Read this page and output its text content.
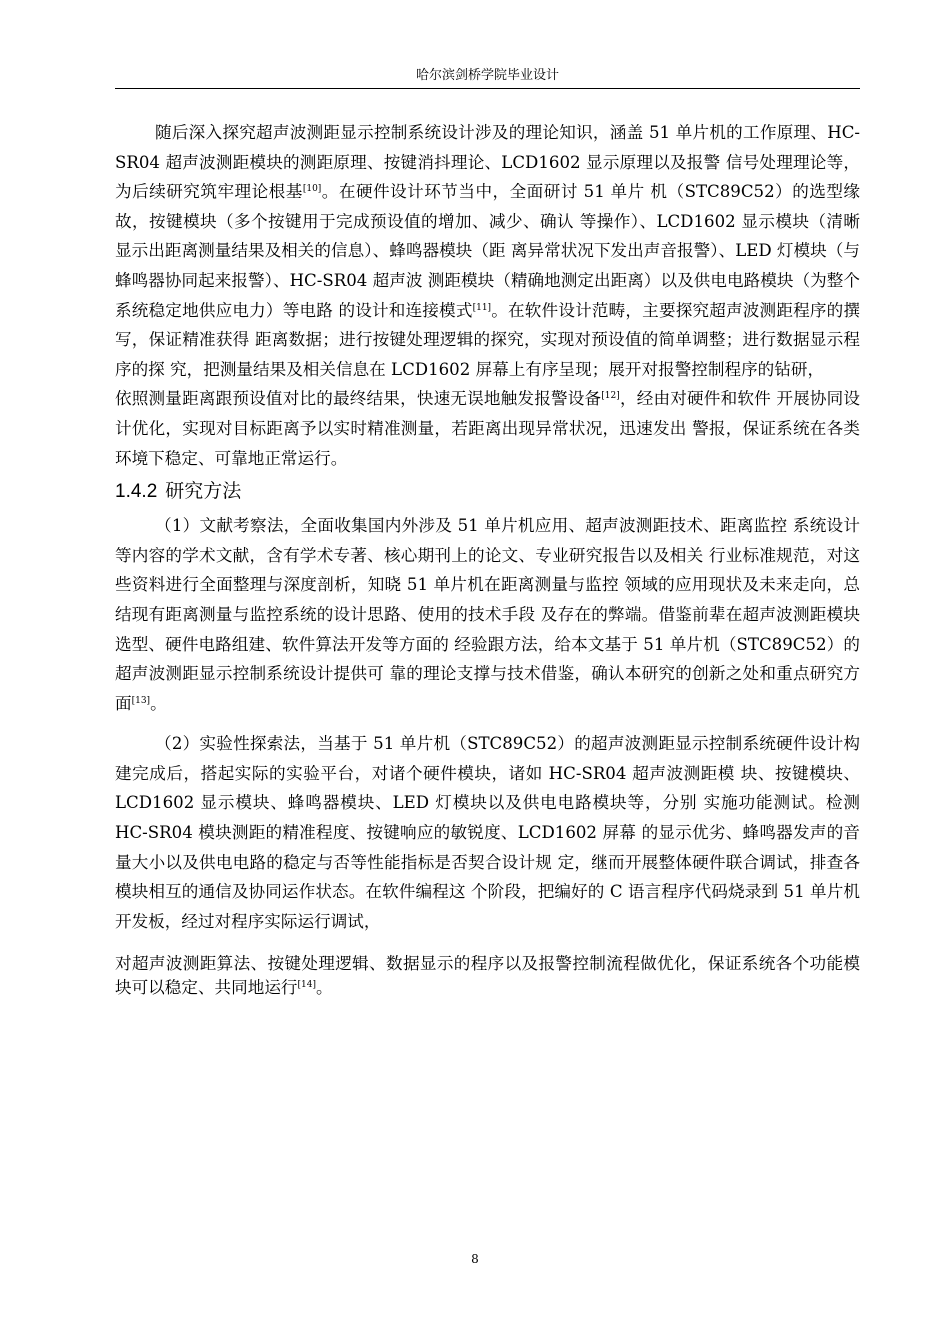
哈尔滨剑桥学院毕业设计

随后深入探究超声波测距显示控制系统设计涉及的理论知识，涵盖 51 单片机的工作原理、HC-SR04 超声波测距模块的测距原理、按键消抖理论、LCD1602 显示原理以及报警 信号处理理论等，为后续研究筑牢理论根基[10]。在硬件设计环节当中，全面研讨 51 单片 机（STC89C52）的选型缘故，按键模块（多个按键用于完成预设值的增加、减少、确认 等操作）、LCD1602 显示模块（清晰显示出距离测量结果及相关的信息）、蜂鸣器模块（距 离异常状况下发出声音报警）、LED 灯模块（与蜂鸣器协同起来报警）、HC-SR04 超声波 测距模块（精确地测定出距离）以及供电电路模块（为整个系统稳定地供应电力）等电路 的设计和连接模式[11]。在软件设计范畴，主要探究超声波测距程序的撰写，保证精准获得 距离数据；进行按键处理逻辑的探究，实现对预设值的简单调整；进行数据显示程序的探 究，把测量结果及相关信息在 LCD1602 屏幕上有序呈现；展开对报警控制程序的钻研，

依照测量距离跟预设值对比的最终结果，快速无误地触发报警设备[12]，经由对硬件和软件 开展协同设计优化，实现对目标距离予以实时精准测量，若距离出现异常状况，迅速发出 警报，保证系统在各类环境下稳定、可靠地正常运行。

1.4.2 研究方法

（1）文献考察法，全面收集国内外涉及 51 单片机应用、超声波测距技术、距离监控 系统设计等内容的学术文献，含有学术专著、核心期刊上的论文、专业研究报告以及相关 行业标准规范，对这些资料进行全面整理与深度剖析，知晓 51 单片机在距离测量与监控 领域的应用现状及未来走向，总结现有距离测量与监控系统的设计思路、使用的技术手段 及存在的弊端。借鉴前辈在超声波测距模块选型、硬件电路组建、软件算法开发等方面的 经验跟方法，给本文基于 51 单片机（STC89C52）的超声波测距显示控制系统设计提供可 靠的理论支撑与技术借鉴，确认本研究的创新之处和重点研究方面[13]。

（2）实验性探索法，当基于 51 单片机（STC89C52）的超声波测距显示控制系统硬件设计构建完成后，搭起实际的实验平台，对诸个硬件模块，诸如 HC-SR04 超声波测距模 块、按键模块、LCD1602 显示模块、蜂鸣器模块、LED 灯模块以及供电电路模块等，分别 实施功能测试。检测 HC-SR04 模块测距的精准程度、按键响应的敏锐度、LCD1602 屏幕 的显示优劣、蜂鸣器发声的音量大小以及供电电路的稳定与否等性能指标是否契合设计规 定，继而开展整体硬件联合调试，排查各模块相互的通信及协同运作状态。在软件编程这 个阶段，把编好的 C 语言程序代码烧录到 51 单片机开发板，经过对程序实际运行调试，

对超声波测距算法、按键处理逻辑、数据显示的程序以及报警控制流程做优化，保证系统各个功能模块可以稳定、共同地运行[14]。

8
